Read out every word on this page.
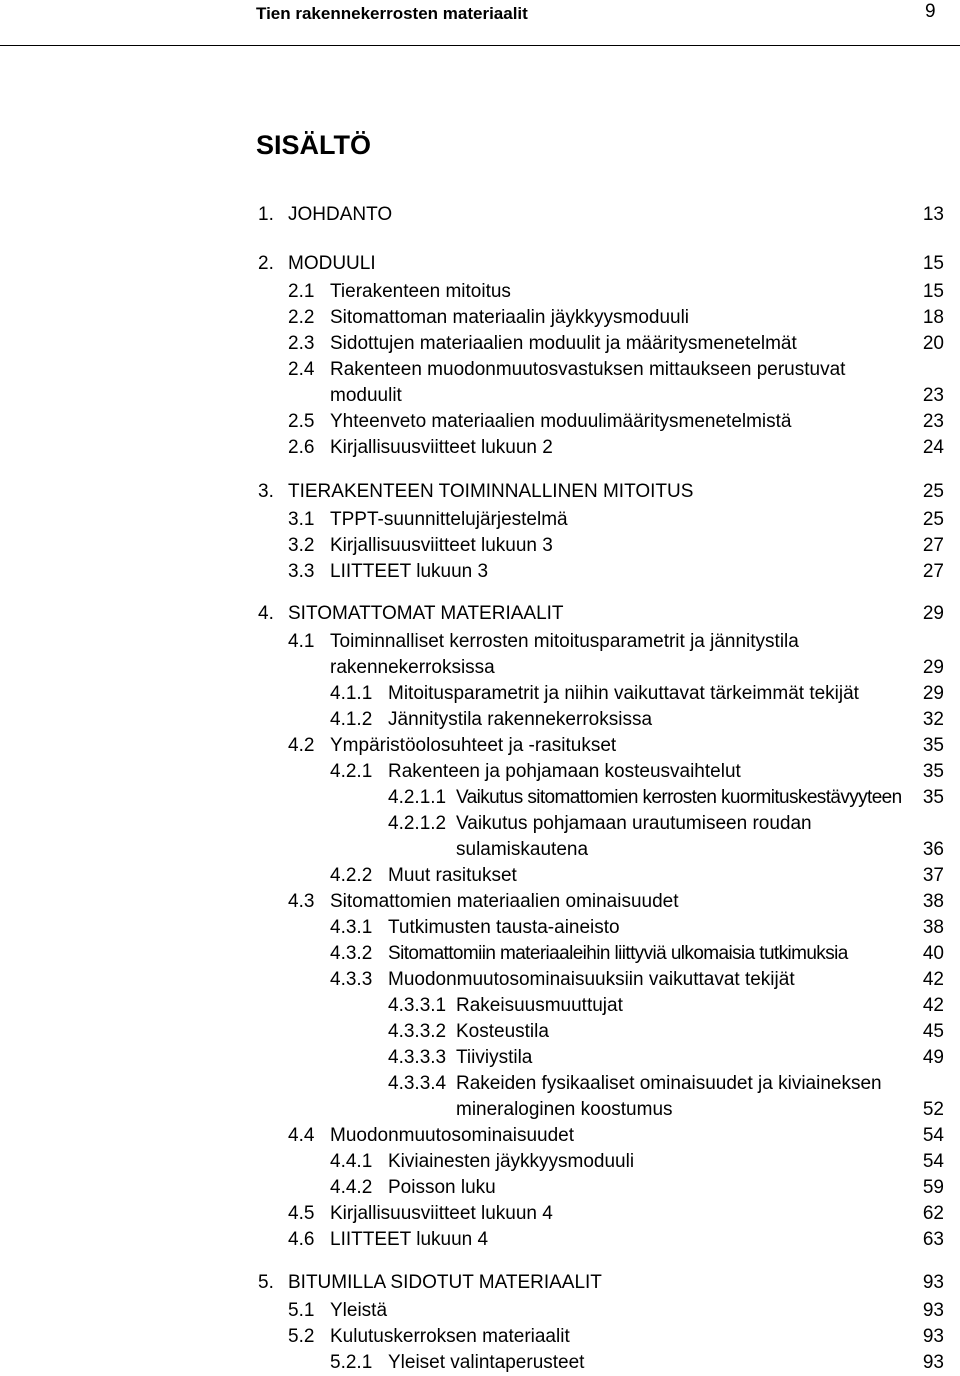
Tien rakennekerrosten materiaalit	9
SISÄLTÖ
1. JOHDANTO	13
2. MODUULI	15
2.1 Tierakenteen mitoitus	15
2.2 Sitomattoman materiaalin jäykkyysmoduuli	18
2.3 Sidottujen materiaalien moduulit ja määritysmenetelmät	20
2.4 Rakenteen muodonmuutosvastuksen mittaukseen perustuvat
moduulit	23
2.5 Yhteenveto materiaalien moduulimääritysmenetelmistä	23
2.6 Kirjallisuusviitteet lukuun 2	24
3. TIERAKENTEEN TOIMINNALLINEN MITOITUS	25
3.1 TPPT-suunnittelujärjestelmä	25
3.2 Kirjallisuusviitteet lukuun 3	27
3.3 LIITTEET lukuun 3	27
4. SITOMATTOMAT MATERIAALIT	29
4.1 Toiminnalliset kerrosten mitoitusparametrit ja jännitystila
rakennekerroksissa	29
4.1.1 Mitoitusparametrit ja niihin vaikuttavat tärkeimmät tekijät	29
4.1.2 Jännitystila rakennekerroksissa	32
4.2 Ympäristöolosuhteet ja -rasitukset	35
4.2.1 Rakenteen ja pohjamaan kosteusvaihtelut	35
4.2.1.1 Vaikutus sitomattomien kerrosten kuormituskestävyyteen 35
4.2.1.2 Vaikutus pohjamaan urautumiseen roudan
sulamiskautena	36
4.2.2 Muut rasitukset	37
4.3 Sitomattomien materiaalien ominaisuudet	38
4.3.1 Tutkimusten tausta-aineisto	38
4.3.2 Sitomattomiin materiaaleihin liittyviä ulkomaisia tutkimuksia	40
4.3.3 Muodonmuutosominaisuuksiin vaikuttavat tekijät	42
4.3.3.1 Rakeisuusmuuttujat	42
4.3.3.2 Kosteustila	45
4.3.3.3 Tiiviystila	49
4.3.3.4 Rakeiden fysikaaliset ominaisuudet ja kiviaineksen
mineraloginen koostumus	52
4.4 Muodonmuutosominaisuudet	54
4.4.1 Kiviainesten jäykkyysmoduuli	54
4.4.2 Poisson luku	59
4.5 Kirjallisuusviitteet lukuun 4	62
4.6 LIITTEET lukuun 4	63
5. BITUMILLA SIDOTUT MATERIAALIT	93
5.1 Yleistä	93
5.2 Kulutuskerroksen materiaalit	93
5.2.1 Yleiset valintaperusteet	93
